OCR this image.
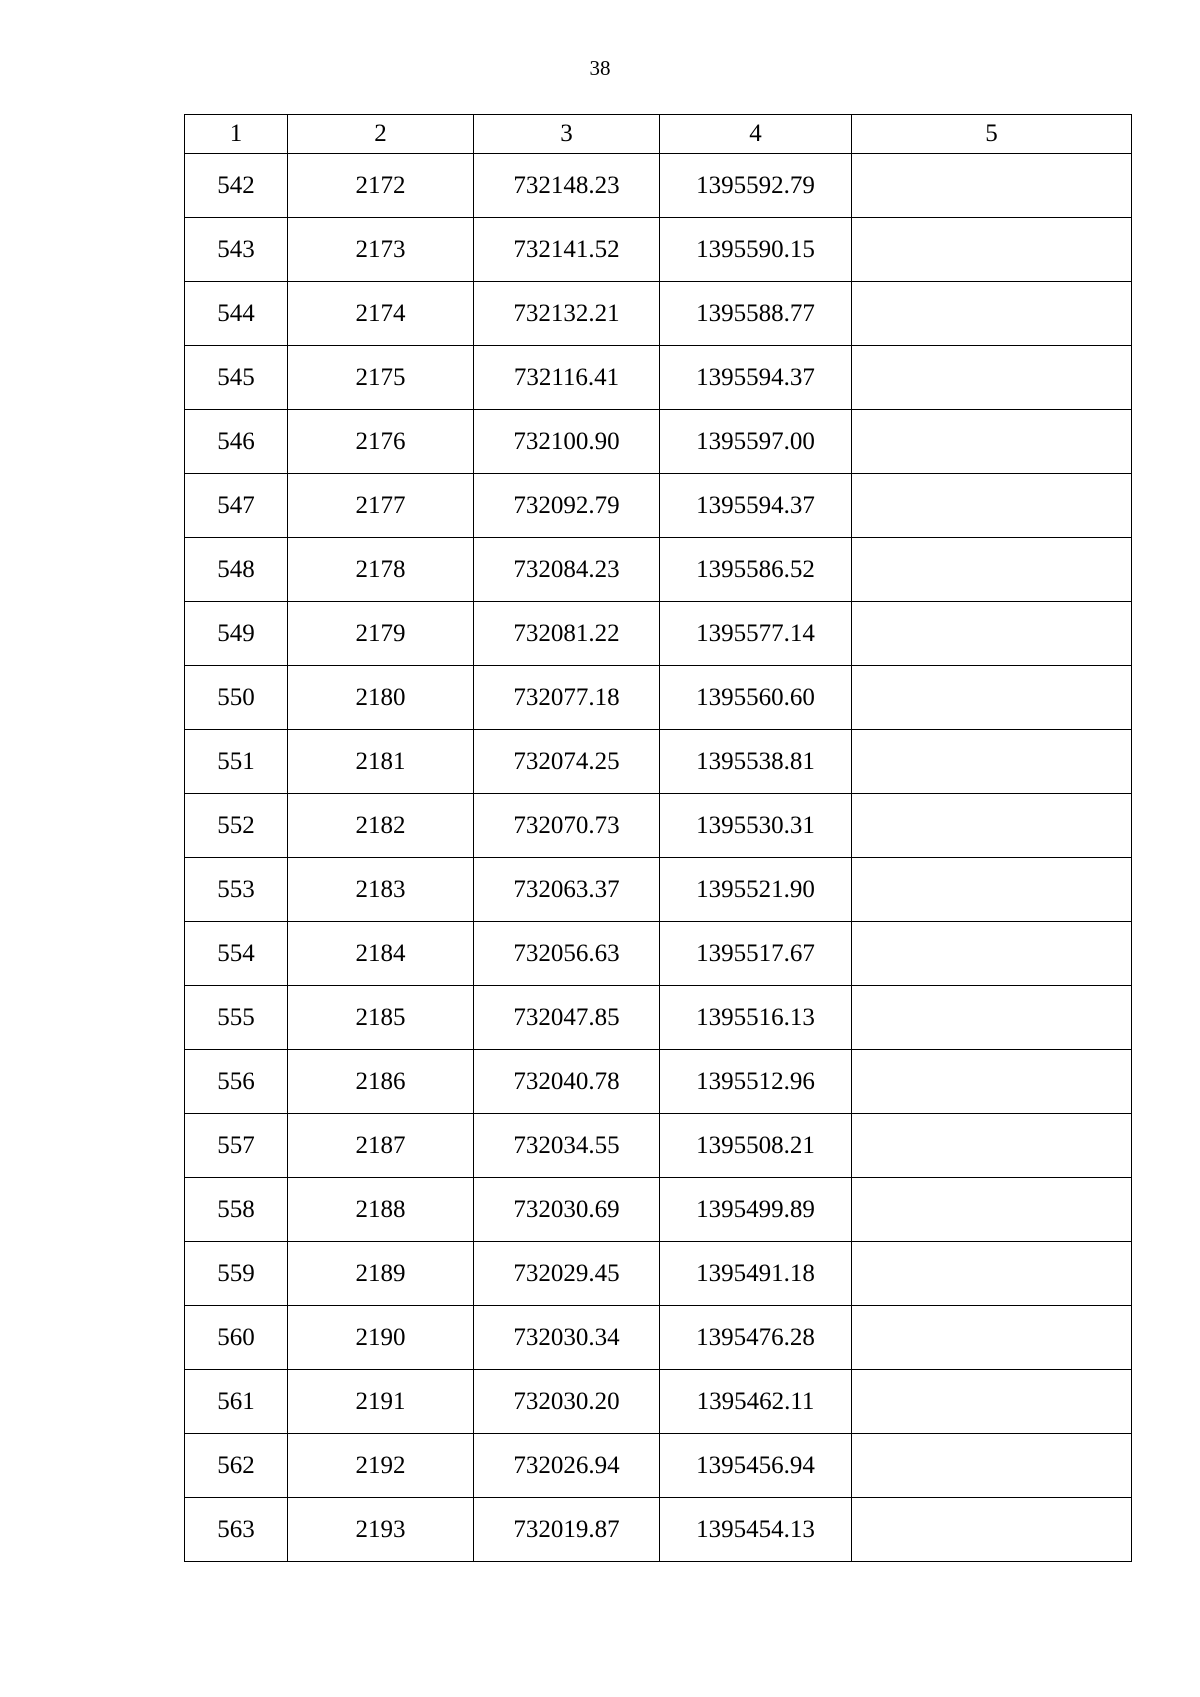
38
1	2	3	4	5
542	2172	732148.23	1395592.79	
543	2173	732141.52	1395590.15	
544	2174	732132.21	1395588.77	
545	2175	732116.41	1395594.37	
546	2176	732100.90	1395597.00	
547	2177	732092.79	1395594.37	
548	2178	732084.23	1395586.52	
549	2179	732081.22	1395577.14	
550	2180	732077.18	1395560.60	
551	2181	732074.25	1395538.81	
552	2182	732070.73	1395530.31	
553	2183	732063.37	1395521.90	
554	2184	732056.63	1395517.67	
555	2185	732047.85	1395516.13	
556	2186	732040.78	1395512.96	
557	2187	732034.55	1395508.21	
558	2188	732030.69	1395499.89	
559	2189	732029.45	1395491.18	
560	2190	732030.34	1395476.28	
561	2191	732030.20	1395462.11	
562	2192	732026.94	1395456.94	
563	2193	732019.87	1395454.13	
